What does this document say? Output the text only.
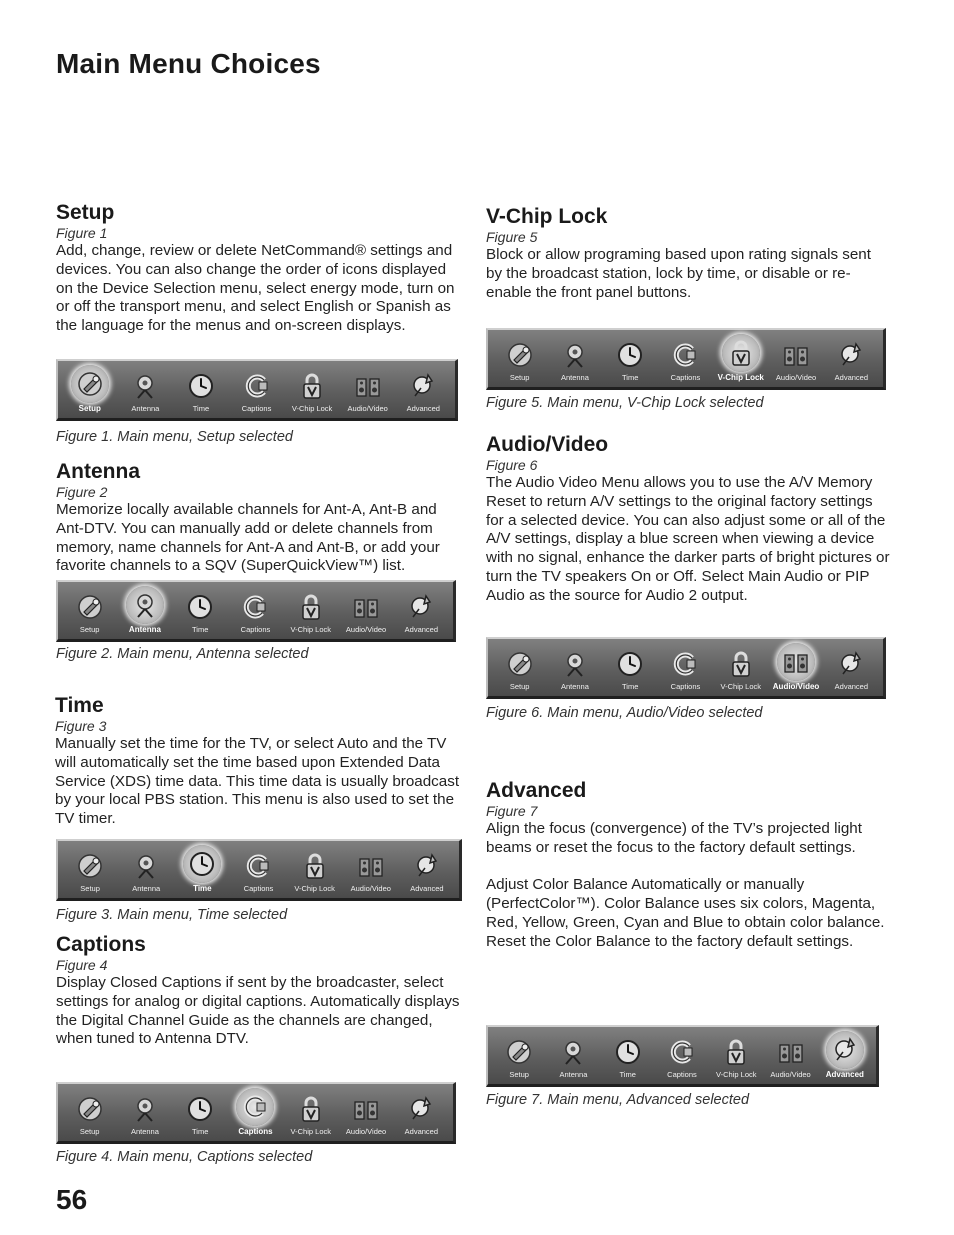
Main Menu Choices
Setup
Figure 1

Add, change, review or delete NetCommand® settings and devices. You can also change the order of icons displayed on the Device Selection menu, select energy mode, turn on or off the transport menu, and select English or Spanish as the language for the menus and on-screen displays.

Setup	Antenna	Time	Captions	V-Chip Lock Audio/Video	Advanced
Figure 1. Main menu, Setup selected
Antenna
Figure 2

Memorize locally available channels for Ant-A, Ant-B and Ant-DTV. You can manually add or delete channels from memory, name channels for Ant-A and Ant-B, or add your favorite channels to a SQV (SuperQuickView™) list.

Setup	Antenna	Time	Captions	V-Chip Lock Audio/Video Advanced
Figure 2. Main menu, Antenna selected
Time
Figure 3

Manually set the time for the TV, or select Auto and the TV will automatically set the time based upon Extended Data Service (XDS) time data. This time data is usually broadcast by your local PBS station. This menu is also used to set the TV timer.

Setup	Antenna	Time	Captions	V-Chip Lock Audio/Video	Advanced
Figure 3. Main menu, Time selected
Captions
Figure 4

Display Closed Captions if sent by the broadcaster, select settings for analog or digital captions. Automatically displays the Digital Channel Guide as the channels are changed, when tuned to Antenna DTV.

Setup	Antenna	Time	Captions V-Chip Lock Audio/Video Advanced
Figure 4. Main menu, Captions selected
V-Chip Lock
Figure 5

Block or allow programing based upon rating signals sent by the broadcast station, lock by time, or disable or re-enable the front panel buttons.

Setup	Antenna	Time	Captions V-Chip Lock Audio/Video Advanced
Figure 5. Main menu, V-Chip Lock selected
Audio/Video
Figure 6

The Audio Video Menu allows you to use the A/V Memory Reset to return A/V settings to the original factory settings for a selected device. You can also adjust some or all of the A/V settings, display a blue screen when viewing a device with no signal, enhance the darker parts of bright pictures or turn the TV speakers On or Off. Select Main Audio or PIP Audio as the source for Audio 2 output.

Setup	Antenna	Time	Captions	V-Chip Lock Audio/Video Advanced
Figure 6. Main menu, Audio/Video selected
Advanced
Figure 7

Align the focus (convergence) of the TV’s projected light beams or reset the focus to the factory default settings.

Adjust Color Balance Automatically or manually (PerfectColor™). Color Balance uses six colors, Magenta, Red, Yellow, Green, Cyan and Blue to obtain color balance. Reset the Color Balance to the factory default settings.

Setup	Antenna	Time	Captions	V-Chip Lock Audio/Video Advanced
Figure 7. Main menu, Advanced selected
56
